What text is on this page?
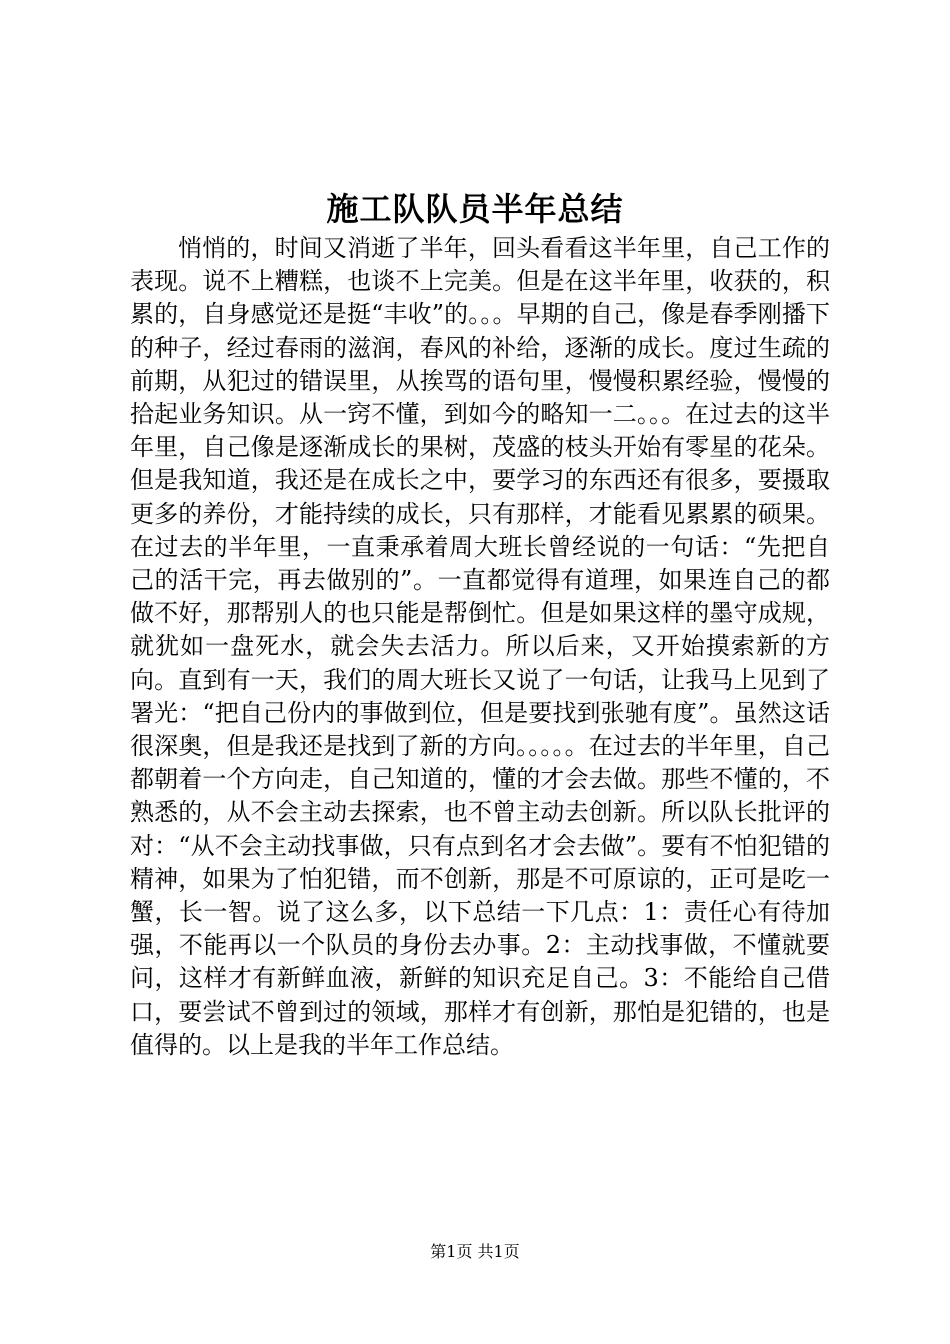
施工队队员半年总结

悄悄的，时间又消逝了半年，回头看看这半年里，自己工作的表现。说不上糟糕，也谈不上完美。但是在这半年里，收获的，积累的，自身感觉还是挺“丰收”的。。。早期的自己，像是春季刚播下的种子，经过春雨的滋润，春风的补给，逐渐的成长。度过生疏的前期，从犯过的错误里，从挨骂的语句里，慢慢积累经验，慢慢的拾起业务知识。从一窍不懂，到如今的略知一二。。。在过去的这半年里，自己像是逐渐成长的果树，茂盛的枝头开始有零星的花朵。但是我知道，我还是在成长之中，要学习的东西还有很多，要摄取更多的养份，才能持续的成长，只有那样，才能看见累累的硕果。在过去的半年里，一直秉承着周大班长曾经说的一句话：“先把自己的活干完，再去做别的”。一直都觉得有道理，如果连自己的都做不好，那帮别人的也只能是帮倒忙。但是如果这样的墨守成规，就犹如一盘死水，就会失去活力。所以后来，又开始摸索新的方向。直到有一天，我们的周大班长又说了一句话，让我马上见到了署光：“把自己份内的事做到位，但是要找到张驰有度”。虽然这话很深奥，但是我还是找到了新的方向。。。。。在过去的半年里，自己都朝着一个方向走，自己知道的，懂的才会去做。那些不懂的，不熟悉的，从不会主动去探索，也不曾主动去创新。所以队长批评的对：“从不会主动找事做，只有点到名才会去做”。要有不怕犯错的精神，如果为了怕犯错，而不创新，那是不可原谅的，正可是吃一蟹，长一智。说了这么多，以下总结一下几点：1：责任心有待加强，不能再以一个队员的身份去办事。2：主动找事做，不懂就要问，这样才有新鲜血液，新鲜的知识充足自己。3：不能给自己借口，要尝试不曾到过的领域，那样才有创新，那怕是犯错的，也是值得的。以上是我的半年工作总结。

第1页 共1页
